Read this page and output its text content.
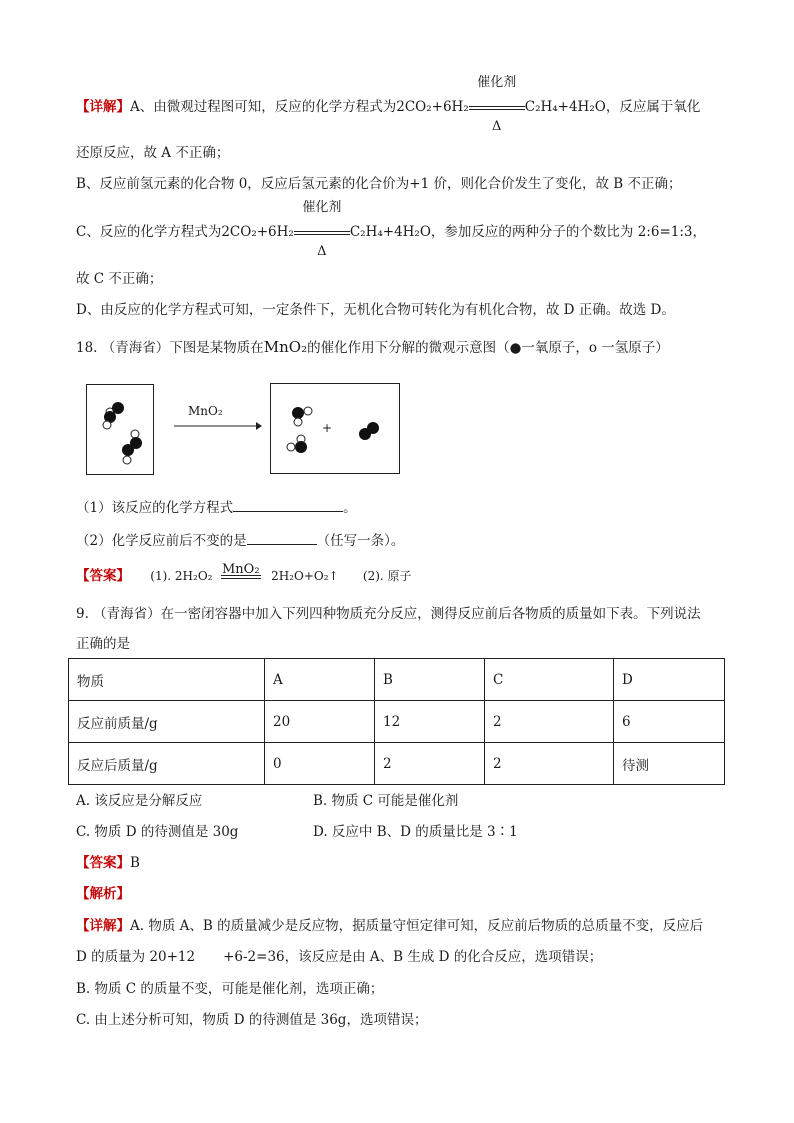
【详解】A、由微观过程图可知，反应的化学方程式为2CO₂+6H₂
催化剂
Δ
C₂H₄+4H₂O，反应属于氧化
还原反应，故 A 不正确；
B、反应前氢元素的化合物 0，反应后氢元素的化合价为+1 价，则化合价发生了变化，故 B 不正确；
C、反应的化学方程式为2CO₂+6H₂
催化剂
Δ
C₂H₄+4H₂O，参加反应的两种分子的个数比为 2:6=1:3，
故 C 不正确；
D、由反应的化学方程式可知，一定条件下，无机化合物可转化为有机化合物，故 D 正确。故选 D。
18. （青海省）下图是某物质在MnO₂的催化作用下分解的微观示意图（●一氧原子，o 一氢原子）
MnO₂
+
（1）该反应的化学方程式	。
（2）化学反应前后不变的是	（任写一条）。
【答案】 (1). 2H₂O₂ MnO₂ 2H₂O+O₂↑ (2). 原子
9. （青海省）在一密闭容器中加入下列四种物质充分反应，测得反应前后各物质的质量如下表。下列说法
正确的是
物质	A	B	C	D
反应前质量/g	20	12	2	6
反应后质量/g	0	2	2	待测
A. 该反应是分解反应	B. 物质 C 可能是催化剂
C. 物质 D 的待测值是 30g	D. 反应中 B、D 的质量比是 3∶1
【答案】B
【解析】
【详解】A. 物质 A、B 的质量减少是反应物，据质量守恒定律可知，反应前后物质的总质量不变，反应后
D 的质量为 20+12 +6-2=36，该反应是由 A、B 生成 D 的化合反应，选项错误；
B. 物质 C 的质量不变，可能是催化剂，选项正确；
C. 由上述分析可知，物质 D 的待测值是 36g，选项错误；
